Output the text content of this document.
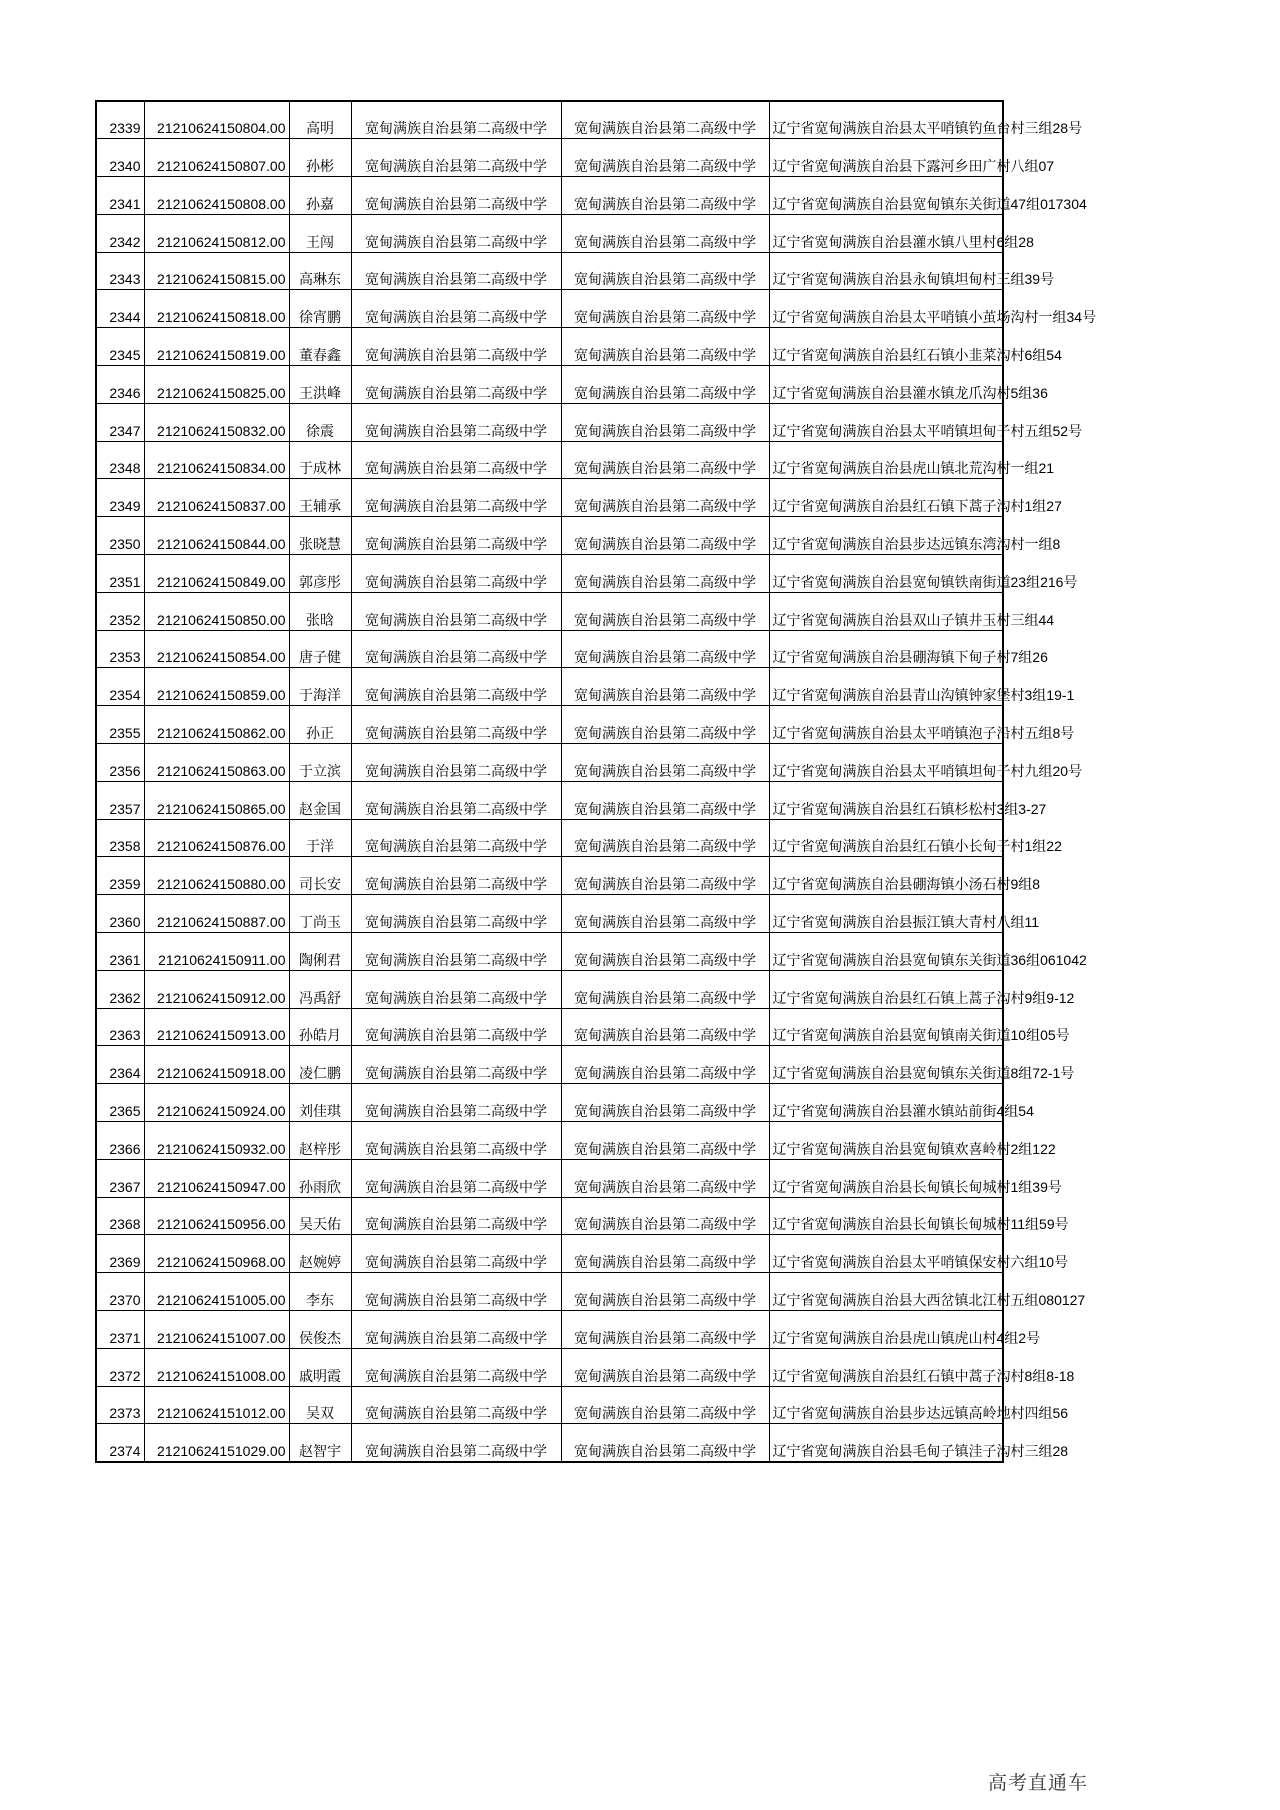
2339	21210624150804.00	高明	宽甸满族自治县第二高级中学	宽甸满族自治县第二高级中学	辽宁省宽甸满族自治县太平哨镇钓鱼台村三组28号
2340	21210624150807.00	孙彬	宽甸满族自治县第二高级中学	宽甸满族自治县第二高级中学	辽宁省宽甸满族自治县下露河乡田广村八组07
2341	21210624150808.00	孙嘉	宽甸满族自治县第二高级中学	宽甸满族自治县第二高级中学	辽宁省宽甸满族自治县宽甸镇东关街道47组017304
2342	21210624150812.00	王闯	宽甸满族自治县第二高级中学	宽甸满族自治县第二高级中学	辽宁省宽甸满族自治县灌水镇八里村6组28
2343	21210624150815.00	高琳东	宽甸满族自治县第二高级中学	宽甸满族自治县第二高级中学	辽宁省宽甸满族自治县永甸镇坦甸村三组39号
2344	21210624150818.00	徐宵鹏	宽甸满族自治县第二高级中学	宽甸满族自治县第二高级中学	辽宁省宽甸满族自治县太平哨镇小茧场沟村一组34号
2345	21210624150819.00	董春鑫	宽甸满族自治县第二高级中学	宽甸满族自治县第二高级中学	辽宁省宽甸满族自治县红石镇小韭菜沟村6组54
2346	21210624150825.00	王洪峰	宽甸满族自治县第二高级中学	宽甸满族自治县第二高级中学	辽宁省宽甸满族自治县灌水镇龙爪沟村5组36
2347	21210624150832.00	徐震	宽甸满族自治县第二高级中学	宽甸满族自治县第二高级中学	辽宁省宽甸满族自治县太平哨镇坦甸子村五组52号
2348	21210624150834.00	于成林	宽甸满族自治县第二高级中学	宽甸满族自治县第二高级中学	辽宁省宽甸满族自治县虎山镇北荒沟村一组21
2349	21210624150837.00	王辅承	宽甸满族自治县第二高级中学	宽甸满族自治县第二高级中学	辽宁省宽甸满族自治县红石镇下蒿子沟村1组27
2350	21210624150844.00	张晓慧	宽甸满族自治县第二高级中学	宽甸满族自治县第二高级中学	辽宁省宽甸满族自治县步达远镇东湾沟村一组8
2351	21210624150849.00	郭彦彤	宽甸满族自治县第二高级中学	宽甸满族自治县第二高级中学	辽宁省宽甸满族自治县宽甸镇铁南街道23组216号
2352	21210624150850.00	张晗	宽甸满族自治县第二高级中学	宽甸满族自治县第二高级中学	辽宁省宽甸满族自治县双山子镇井玉村三组44
2353	21210624150854.00	唐子健	宽甸满族自治县第二高级中学	宽甸满族自治县第二高级中学	辽宁省宽甸满族自治县硼海镇下甸子村7组26
2354	21210624150859.00	于海洋	宽甸满族自治县第二高级中学	宽甸满族自治县第二高级中学	辽宁省宽甸满族自治县青山沟镇钟家堡村3组19-1
2355	21210624150862.00	孙正	宽甸满族自治县第二高级中学	宽甸满族自治县第二高级中学	辽宁省宽甸满族自治县太平哨镇泡子沿村五组8号
2356	21210624150863.00	于立滨	宽甸满族自治县第二高级中学	宽甸满族自治县第二高级中学	辽宁省宽甸满族自治县太平哨镇坦甸子村九组20号
2357	21210624150865.00	赵金国	宽甸满族自治县第二高级中学	宽甸满族自治县第二高级中学	辽宁省宽甸满族自治县红石镇杉松村3组3-27
2358	21210624150876.00	于洋	宽甸满族自治县第二高级中学	宽甸满族自治县第二高级中学	辽宁省宽甸满族自治县红石镇小长甸子村1组22
2359	21210624150880.00	司长安	宽甸满族自治县第二高级中学	宽甸满族自治县第二高级中学	辽宁省宽甸满族自治县硼海镇小汤石村9组8
2360	21210624150887.00	丁尚玉	宽甸满族自治县第二高级中学	宽甸满族自治县第二高级中学	辽宁省宽甸满族自治县振江镇大青村八组11
2361	21210624150911.00	陶俐君	宽甸满族自治县第二高级中学	宽甸满族自治县第二高级中学	辽宁省宽甸满族自治县宽甸镇东关街道36组061042
2362	21210624150912.00	冯禹舒	宽甸满族自治县第二高级中学	宽甸满族自治县第二高级中学	辽宁省宽甸满族自治县红石镇上蒿子沟村9组9-12
2363	21210624150913.00	孙皓月	宽甸满族自治县第二高级中学	宽甸满族自治县第二高级中学	辽宁省宽甸满族自治县宽甸镇南关街道10组05号
2364	21210624150918.00	凌仁鹏	宽甸满族自治县第二高级中学	宽甸满族自治县第二高级中学	辽宁省宽甸满族自治县宽甸镇东关街道8组72-1号
2365	21210624150924.00	刘佳琪	宽甸满族自治县第二高级中学	宽甸满族自治县第二高级中学	辽宁省宽甸满族自治县灌水镇站前街4组54
2366	21210624150932.00	赵梓彤	宽甸满族自治县第二高级中学	宽甸满族自治县第二高级中学	辽宁省宽甸满族自治县宽甸镇欢喜岭村2组122
2367	21210624150947.00	孙雨欣	宽甸满族自治县第二高级中学	宽甸满族自治县第二高级中学	辽宁省宽甸满族自治县长甸镇长甸城村1组39号
2368	21210624150956.00	吴天佑	宽甸满族自治县第二高级中学	宽甸满族自治县第二高级中学	辽宁省宽甸满族自治县长甸镇长甸城村11组59号
2369	21210624150968.00	赵婉婷	宽甸满族自治县第二高级中学	宽甸满族自治县第二高级中学	辽宁省宽甸满族自治县太平哨镇保安村六组10号
2370	21210624151005.00	李东	宽甸满族自治县第二高级中学	宽甸满族自治县第二高级中学	辽宁省宽甸满族自治县大西岔镇北江村五组080127
2371	21210624151007.00	侯俊杰	宽甸满族自治县第二高级中学	宽甸满族自治县第二高级中学	辽宁省宽甸满族自治县虎山镇虎山村4组2号
2372	21210624151008.00	戚明霞	宽甸满族自治县第二高级中学	宽甸满族自治县第二高级中学	辽宁省宽甸满族自治县红石镇中蒿子沟村8组8-18
2373	21210624151012.00	吴双	宽甸满族自治县第二高级中学	宽甸满族自治县第二高级中学	辽宁省宽甸满族自治县步达远镇高岭地村四组56
2374	21210624151029.00	赵智宇	宽甸满族自治县第二高级中学	宽甸满族自治县第二高级中学	辽宁省宽甸满族自治县毛甸子镇洼子沟村三组28
高考直通车
